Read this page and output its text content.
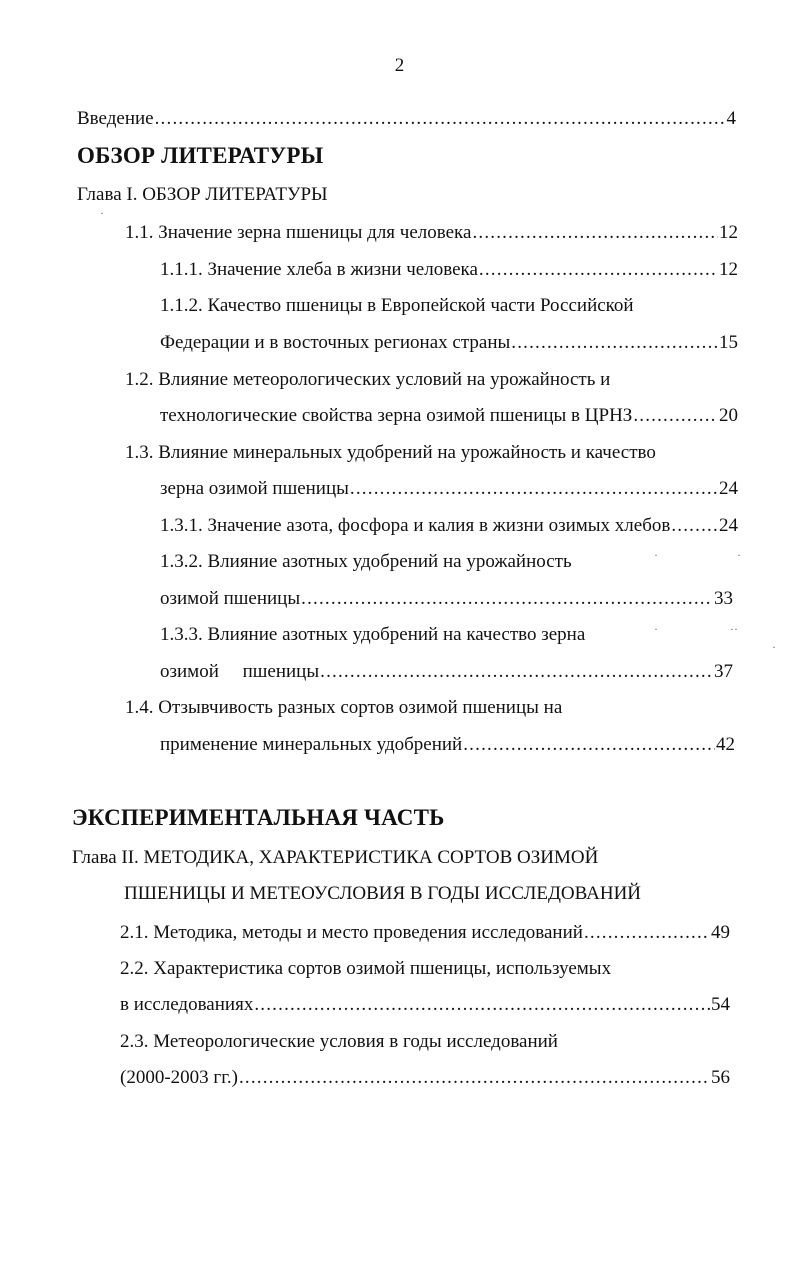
2
Введение .....	4
ОБЗОР ЛИТЕРАТУРЫ
Глава I. ОБЗОР ЛИТЕРАТУРЫ
1.1. Значение зерна пшеницы для человека .....	12
1.1.1. Значение хлеба в жизни человека .....	12
1.1.2. Качество пшеницы в Европейской части Российской
Федерации и в восточных регионах страны .....	15
1.2. Влияние метеорологических условий на урожайность и
технологические свойства зерна озимой пшеницы в ЦРНЗ .....	20
1.3. Влияние минеральных удобрений на урожайность и качество
зерна озимой пшеницы .....	24
1.3.1. Значение азота, фосфора и калия в жизни озимых хлебов .....	24
1.3.2. Влияние азотных удобрений на урожайность
озимой пшеницы .....	33
1.3.3. Влияние азотных удобрений на качество зерна
озимой     пшеницы .....	37
1.4. Отзывчивость разных сортов озимой пшеницы на
применение минеральных удобрений .....	42
ЭКСПЕРИМЕНТАЛЬНАЯ ЧАСТЬ
Глава II. МЕТОДИКА, ХАРАКТЕРИСТИКА СОРТОВ ОЗИМОЙ
ПШЕНИЦЫ И МЕТЕОУСЛОВИЯ В ГОДЫ ИССЛЕДОВАНИЙ
2.1. Методика, методы и место проведения исследований .....	49
2.2. Характеристика сортов озимой пшеницы, используемых
в исследованиях .....	54
2.3. Метеорологические условия в годы исследований
(2000-2003 гг.) .....	56
·	·
·	··
·
·
